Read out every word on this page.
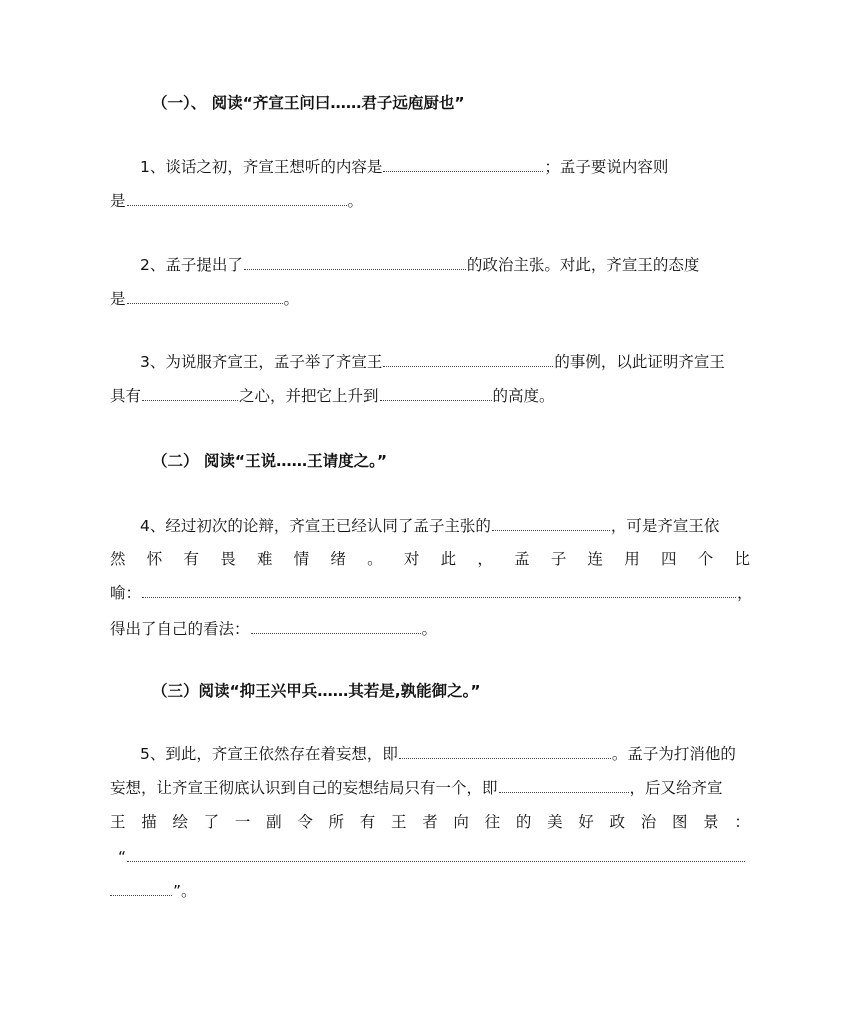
（一）、 阅读“齐宣王问曰……君子远庖厨也”
1、谈话之初，齐宣王想听的内容是	；孟子要说内容则
是	。
2、孟子提出了	的政治主张。对此，齐宣王的态度
是	。
3、为说服齐宣王，孟子举了齐宣王	的事例，以此证明齐宣王
具有	之心，并把它上升到	的高度。
（二） 阅读“王说……王请度之。”
4、经过初次的论辩，齐宣王已经认同了孟子主张的	，可是齐宣王依
然 怀 有 畏 难 情 绪 。 对 此 ， 孟 子 连 用 四 个 比
喻：	，
得出了自己的看法：	。
（三）阅读“抑王兴甲兵……其若是,孰能御之。”
5、到此，齐宣王依然存在着妄想，即	。孟子为打消他的
妄想，让齐宣王彻底认识到自己的妄想结局只有一个，即	，后又给齐宣
王 描 绘 了 一 副 令 所 有 王 者 向 往 的 美 好 政 治 图 景 ：
“
”。
